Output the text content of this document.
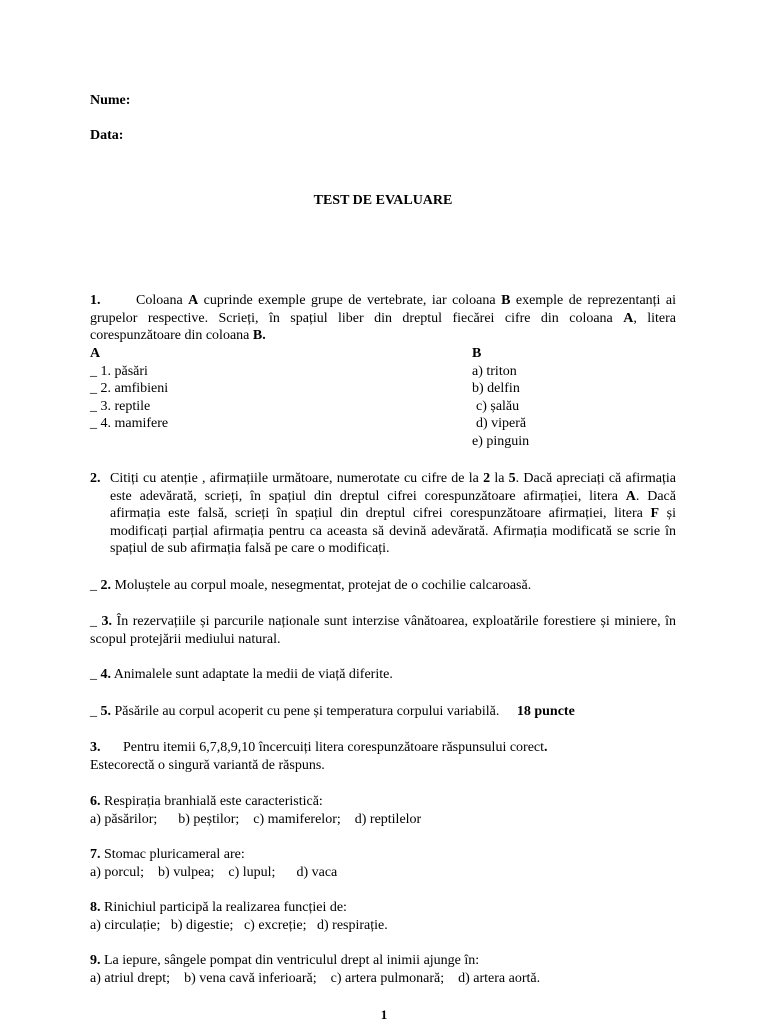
Nume:
Data:
TEST DE EVALUARE
1.	Coloana A cuprinde exemple grupe de vertebrate, iar coloana B exemple de reprezentanți ai grupelor respective. Scrieți, în spațiul liber din dreptul fiecărei cifre din coloana A, litera corespunzătoare din coloana B.
A	B
_ 1. păsări	a) triton
_ 2. amfibieni	b) delfin
_ 3. reptile	c) șalău
_ 4. mamifere	d) viperă
e) pinguin
2. Citiți cu atenție , afirmațiile următoare, numerotate cu cifre de la 2 la 5. Dacă apreciați că afirmația este adevărată, scrieți, în spațiul din dreptul cifrei corespunzătoare afirmației, litera A. Dacă afirmația este falsă, scrieți în spațiul din dreptul cifrei corespunzătoare afirmației, litera F și modificați parțial afirmația pentru ca aceasta să devină adevărată. Afirmația modificată se scrie în spațiul de sub afirmația falsă pe care o modificați.
_ 2. Moluștele au corpul moale, nesegmentat, protejat de o cochilie calcaroasă.
_ 3. În rezervațiile și parcurile naționale sunt interzise vânătoarea, exploatările forestiere și miniere, în scopul protejării mediului natural.
_ 4. Animalele sunt adaptate la medii de viață diferite.
_ 5. Păsările au corpul acoperit cu pene și temperatura corpului variabilă. 18 puncte
3. Pentru itemii 6,7,8,9,10 încercuiți litera corespunzătoare răspunsului corect.
Estecorectă o singură variantă de răspuns.
6. Respirația branhială este caracteristică:
a) păsărilor;      b) peștilor;    c) mamiferelor;    d) reptilelor
7. Stomac pluricameral are:
a) porcul;    b) vulpea;    c) lupul;      d) vaca
8. Rinichiul participă la realizarea funcției de:
a) circulație;   b) digestie;   c) excreție;   d) respirație.
9. La iepure, sângele pompat din ventriculul drept al inimii ajunge în:
a) atriul drept;    b) vena cavă inferioară;    c) artera pulmonară;    d) artera aortă.
1
